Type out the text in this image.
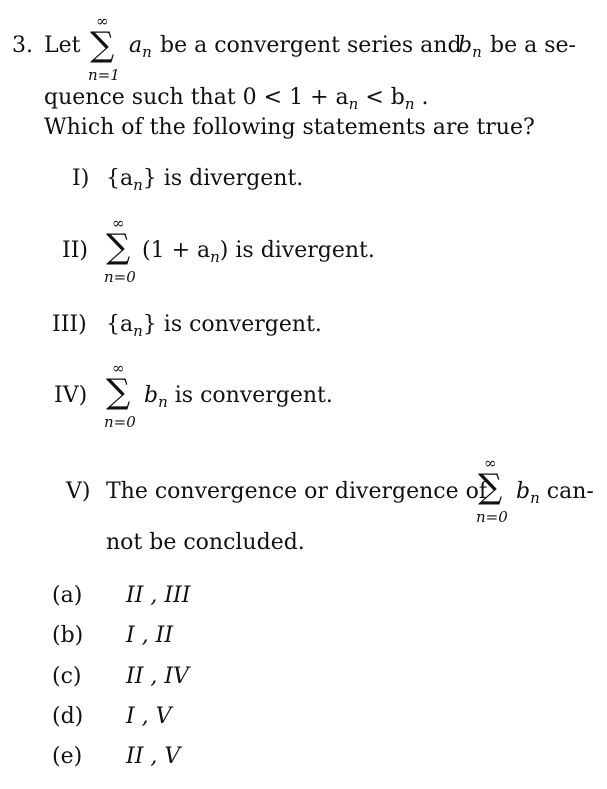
3. Let
∞
∑
n=1
$a_n$ be a convergent series and
$b_n$ be a se-
quence such that $0 < 1 + a_n < b_n$ .
Which of the following statements are true?
I) $\{a_n\}$ is divergent.
II)
∞
∑
n=0
$(1 + a_n)$ is divergent.
III) $\{a_n\}$ is convergent.
IV)
∞
∑
n=0
$b_n$ is convergent.
V) The convergence or divergence of
∞
∑
n=0
$b_n$ can-
not be concluded.
(a) II , III
(b) I , II
(c) II , IV
(d) I , V
(e) II , V
